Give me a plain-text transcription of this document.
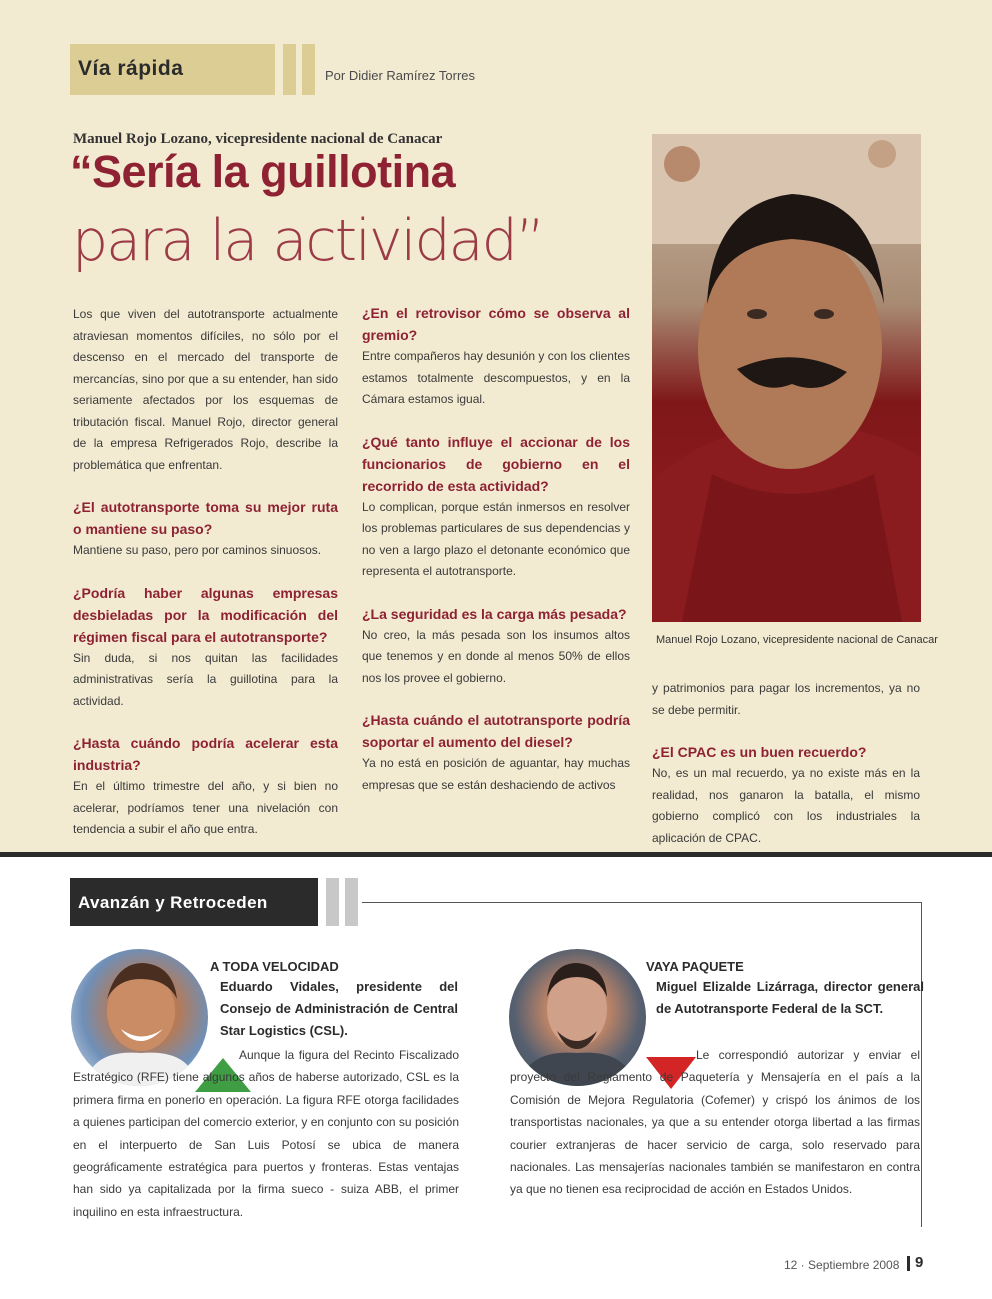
Vía rápida	Por Didier Ramírez Torres
Manuel Rojo Lozano, vicepresidente nacional de Canacar
“Sería la guillotina
para la actividad”

Los que viven del autotransporte actualmente atraviesan momentos difíciles, no sólo por el descenso en el mercado del transporte de mercancías, sino por que a su entender, han sido seriamente afectados por los esquemas de tributación fiscal. Manuel Rojo, director general de la empresa Refrigerados Rojo, describe la problemática que enfrentan.

¿El autotransporte toma su mejor ruta o mantiene su paso?

Mantiene su paso, pero por caminos sinuosos.

¿Podría haber algunas empresas desbieladas por la modificación del régimen fiscal para el autotransporte?

Sin duda, si nos quitan las facilidades administrativas sería la guillotina para la actividad.

¿Hasta cuándo podría acelerar esta industria?

En el último trimestre del año, y si bien no acelerar, podríamos tener una nivelación con tendencia a subir el año que entra.

¿En el retrovisor cómo se observa al gremio?

Entre compañeros hay desunión y con los clientes estamos totalmente descompuestos, y en la Cámara estamos igual.

¿Qué tanto influye el accionar de los funcionarios de gobierno en el recorrido de esta actividad?

Lo complican, porque están inmersos en resolver los problemas particulares de sus dependencias y no ven a largo plazo el detonante económico que representa el autotransporte.

¿La seguridad es la carga más pesada?

No creo, la más pesada son los insumos altos que tenemos y en donde al menos 50% de ellos nos los provee el gobierno.

¿Hasta cuándo el autotransporte podría soportar el aumento del diesel?

Ya no está en posición de aguantar, hay muchas empresas que se están deshaciendo de activos

Manuel Rojo Lozano, vicepresidente nacional de Canacar

y patrimonios para pagar los incrementos, ya no se debe permitir.

¿El CPAC es un buen recuerdo?

No, es un mal recuerdo, ya no existe más en la realidad, nos ganaron la batalla, el mismo gobierno complicó con los industriales la aplicación de CPAC.

Avanzán y Retroceden
A TODA VELOCIDAD
Eduardo Vidales, presidente del Consejo de Administración de Central Star Logistics (CSL).
Aunque la figura del Recinto Fiscalizado Estratégico (RFE) tiene algunos años de haberse autorizado, CSL es la primera firma en ponerlo en operación. La figura RFE otorga facilidades a quienes participan del comercio exterior, y en conjunto con su posición en el interpuerto de San Luis Potosí se ubica de manera geográficamente estratégica para puertos y fronteras. Estas ventajas han sido ya capitalizada por la firma sueco - suiza ABB, el primer inquilino en esta infraestructura.
VAYA PAQUETE
Miguel Elizalde Lizárraga, director general de Autotransporte Federal de la SCT.
Le correspondió autorizar y enviar el proyecto del Reglamento de Paquetería y Mensajería en el país a la Comisión de Mejora Regulatoria (Cofemer) y crispó los ánimos de los transportistas nacionales, ya que a su entender otorga libertad a las firmas courier extranjeras de hacer servicio de carga, solo reservado para nacionales. Las mensajerías nacionales también se manifestaron en contra ya que no tienen esa reciprocidad de acción en Estados Unidos.
12 · Septiembre 2008 9
